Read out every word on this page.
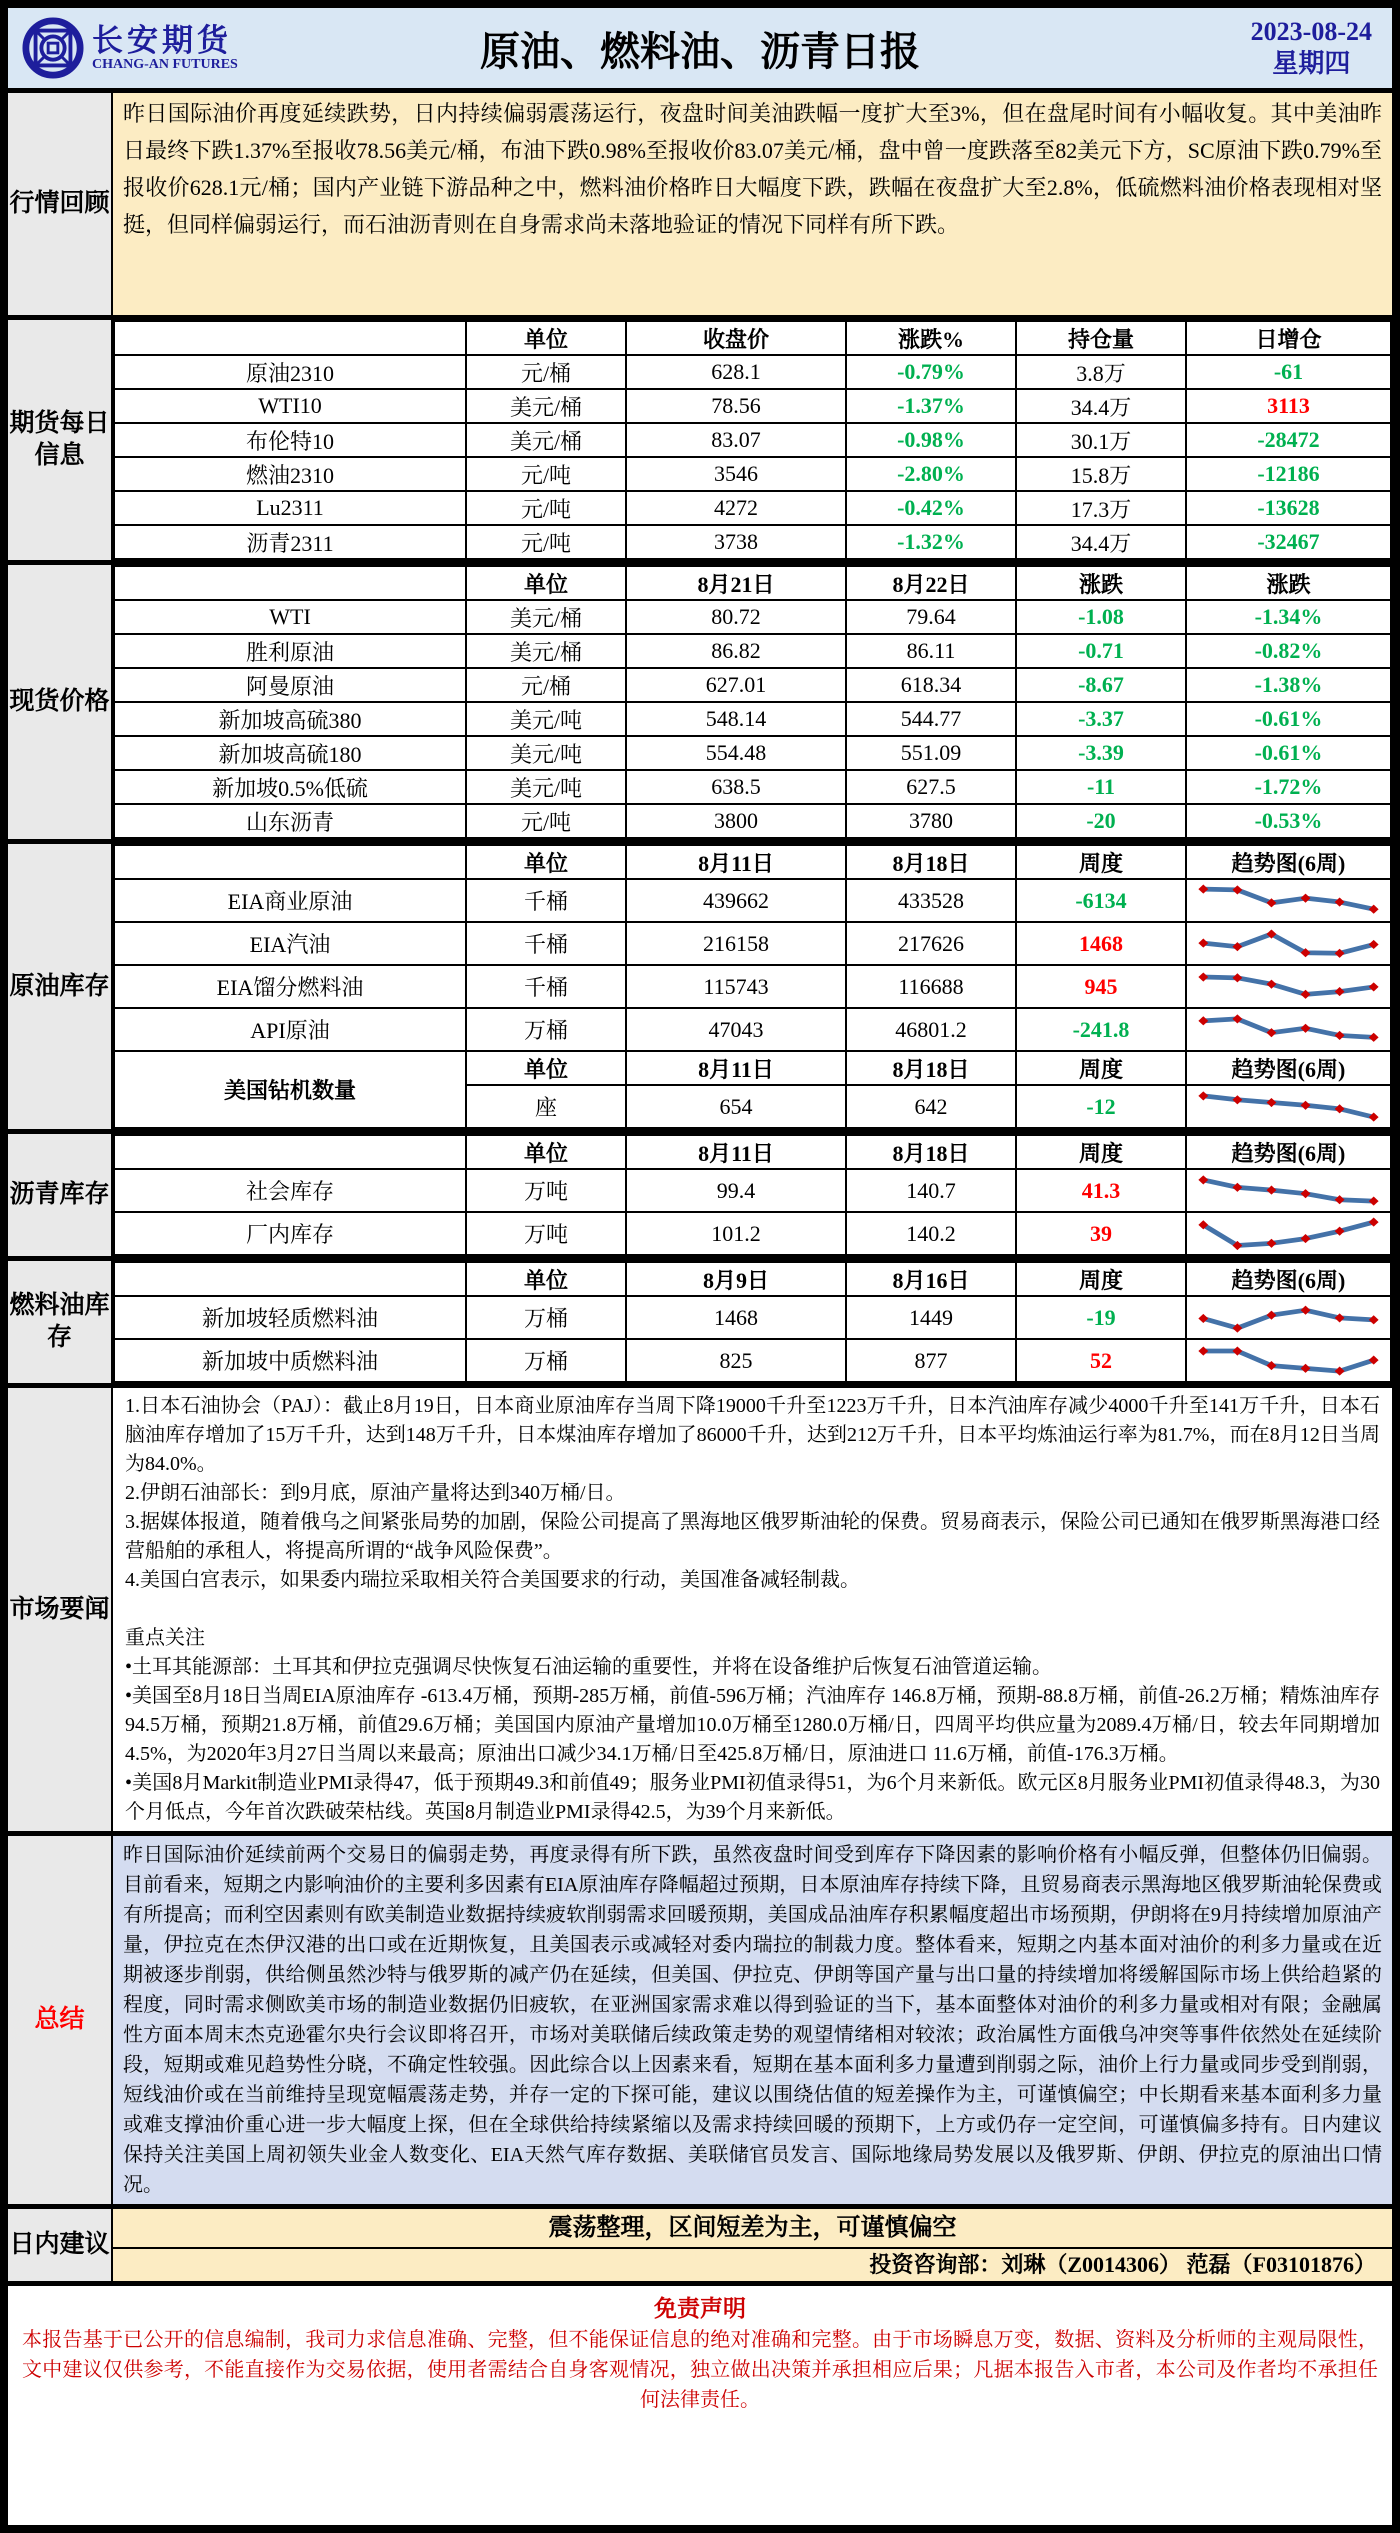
长安期货
CHANG-AN FUTURES	原油、燃料油、沥青日报	2023-08-24
星期四
行情回顾
昨日国际油价再度延续跌势，日内持续偏弱震荡运行，夜盘时间美油跌幅一度扩大至3%，但在盘尾时间有小幅收复。其中美油昨日最终下跌1.37%至报收78.56美元/桶，布油下跌0.98%至报收价83.07美元/桶，盘中曾一度跌落至82美元下方，SC原油下跌0.79%至报收价628.1元/桶；国内产业链下游品种之中，燃料油价格昨日大幅度下跌，跌幅在夜盘扩大至2.8%，低硫燃料油价格表现相对坚挺，但同样偏弱运行，而石油沥青则在自身需求尚未落地验证的情况下同样有所下跌。
期货每日信息
	单位	收盘价	涨跌%	持仓量	日增仓
原油2310	元/桶	628.1	-0.79%	3.8万	-61
WTI10	美元/桶	78.56	-1.37%	34.4万	3113
布伦特10	美元/桶	83.07	-0.98%	30.1万	-28472
燃油2310	元/吨	3546	-2.80%	15.8万	-12186
Lu2311	元/吨	4272	-0.42%	17.3万	-13628
沥青2311	元/吨	3738	-1.32%	34.4万	-32467
现货价格
	单位	8月21日	8月22日	涨跌	涨跌
WTI	美元/桶	80.72	79.64	-1.08	-1.34%
胜利原油	美元/桶	86.82	86.11	-0.71	-0.82%
阿曼原油	元/桶	627.01	618.34	-8.67	-1.38%
新加坡高硫380	美元/吨	548.14	544.77	-3.37	-0.61%
新加坡高硫180	美元/吨	554.48	551.09	-3.39	-0.61%
新加坡0.5%低硫	美元/吨	638.5	627.5	-11	-1.72%
山东沥青	元/吨	3800	3780	-20	-0.53%
原油库存
	单位	8月11日	8月18日	周度	趋势图(6周)
EIA商业原油	千桶	439662	433528	-6134	

EIA汽油	千桶	216158	217626	1468	

EIA馏分燃料油	千桶	115743	116688	945	

API原油	万桶	47043	46801.2	-241.8	

美国钻机数量	单位	8月11日	8月18日	周度	趋势图(6周)
	座	654	642	-12	
沥青库存
	单位	8月11日	8月18日	周度	趋势图(6周)
社会库存	万吨	99.4	140.7	41.3	

厂内库存	万吨	101.2	140.2	39	
燃料油库存
	单位	8月9日	8月16日	周度	趋势图(6周)
新加坡轻质燃料油	万桶	1468	1449	-19	

新加坡中质燃料油	万桶	825	877	52	
市场要闻
1.日本石油协会（PAJ）：截止8月19日，日本商业原油库存当周下降19000千升至1223万千升，日本汽油库存减少4000千升至141万千升，日本石脑油库存增加了15万千升，达到148万千升，日本煤油库存增加了86000千升，达到212万千升，日本平均炼油运行率为81.7%，而在8月12日当周为84.0%。
2.伊朗石油部长：到9月底，原油产量将达到340万桶/日。
3.据媒体报道，随着俄乌之间紧张局势的加剧，保险公司提高了黑海地区俄罗斯油轮的保费。贸易商表示，保险公司已通知在俄罗斯黑海港口经营船舶的承租人，将提高所谓的“战争风险保费”。
4.美国白宫表示，如果委内瑞拉采取相关符合美国要求的行动，美国准备减轻制裁。
重点关注
•土耳其能源部：土耳其和伊拉克强调尽快恢复石油运输的重要性，并将在设备维护后恢复石油管道运输。
•美国至8月18日当周EIA原油库存 -613.4万桶，预期-285万桶，前值-596万桶；汽油库存 146.8万桶，预期-88.8万桶，前值-26.2万桶；精炼油库存 94.5万桶，预期21.8万桶，前值29.6万桶；美国国内原油产量增加10.0万桶至1280.0万桶/日，四周平均供应量为2089.4万桶/日，较去年同期增加4.5%，为2020年3月27日当周以来最高；原油出口减少34.1万桶/日至425.8万桶/日，原油进口 11.6万桶，前值-176.3万桶。
•美国8月Markit制造业PMI录得47，低于预期49.3和前值49；服务业PMI初值录得51，为6个月来新低。欧元区8月服务业PMI初值录得48.3，为30个月低点，今年首次跌破荣枯线。英国8月制造业PMI录得42.5，为39个月来新低。
总结
昨日国际油价延续前两个交易日的偏弱走势，再度录得有所下跌，虽然夜盘时间受到库存下降因素的影响价格有小幅反弹，但整体仍旧偏弱。目前看来，短期之内影响油价的主要利多因素有EIA原油库存降幅超过预期，日本原油库存持续下降，且贸易商表示黑海地区俄罗斯油轮保费或有所提高；而利空因素则有欧美制造业数据持续疲软削弱需求回暖预期，美国成品油库存积累幅度超出市场预期，伊朗将在9月持续增加原油产量，伊拉克在杰伊汉港的出口或在近期恢复，且美国表示或减轻对委内瑞拉的制裁力度。整体看来，短期之内基本面对油价的利多力量或在近期被逐步削弱，供给侧虽然沙特与俄罗斯的减产仍在延续，但美国、伊拉克、伊朗等国产量与出口量的持续增加将缓解国际市场上供给趋紧的程度，同时需求侧欧美市场的制造业数据仍旧疲软，在亚洲国家需求难以得到验证的当下，基本面整体对油价的利多力量或相对有限；金融属性方面本周末杰克逊霍尔央行会议即将召开，市场对美联储后续政策走势的观望情绪相对较浓；政治属性方面俄乌冲突等事件依然处在延续阶段，短期或难见趋势性分晓，不确定性较强。因此综合以上因素来看，短期在基本面利多力量遭到削弱之际，油价上行力量或同步受到削弱，短线油价或在当前维持呈现宽幅震荡走势，并存一定的下探可能，建议以围绕估值的短差操作为主，可谨慎偏空；中长期看来基本面利多力量或难支撑油价重心进一步大幅度上探，但在全球供给持续紧缩以及需求持续回暖的预期下，上方或仍存一定空间，可谨慎偏多持有。日内建议保持关注美国上周初领失业金人数变化、EIA天然气库存数据、美联储官员发言、国际地缘局势发展以及俄罗斯、伊朗、伊拉克的原油出口情况。
日内建议
震荡整理，区间短差为主，可谨慎偏空
投资咨询部：刘琳（Z0014306） 范磊（F03101876）
免责声明
本报告基于已公开的信息编制，我司力求信息准确、完整，但不能保证信息的绝对准确和完整。由于市场瞬息万变，数据、资料及分析师的主观局限性，文中建议仅供参考，不能直接作为交易依据，使用者需结合自身客观情况，独立做出决策并承担相应后果；凡据本报告入市者，本公司及作者均不承担任何法律责任。
